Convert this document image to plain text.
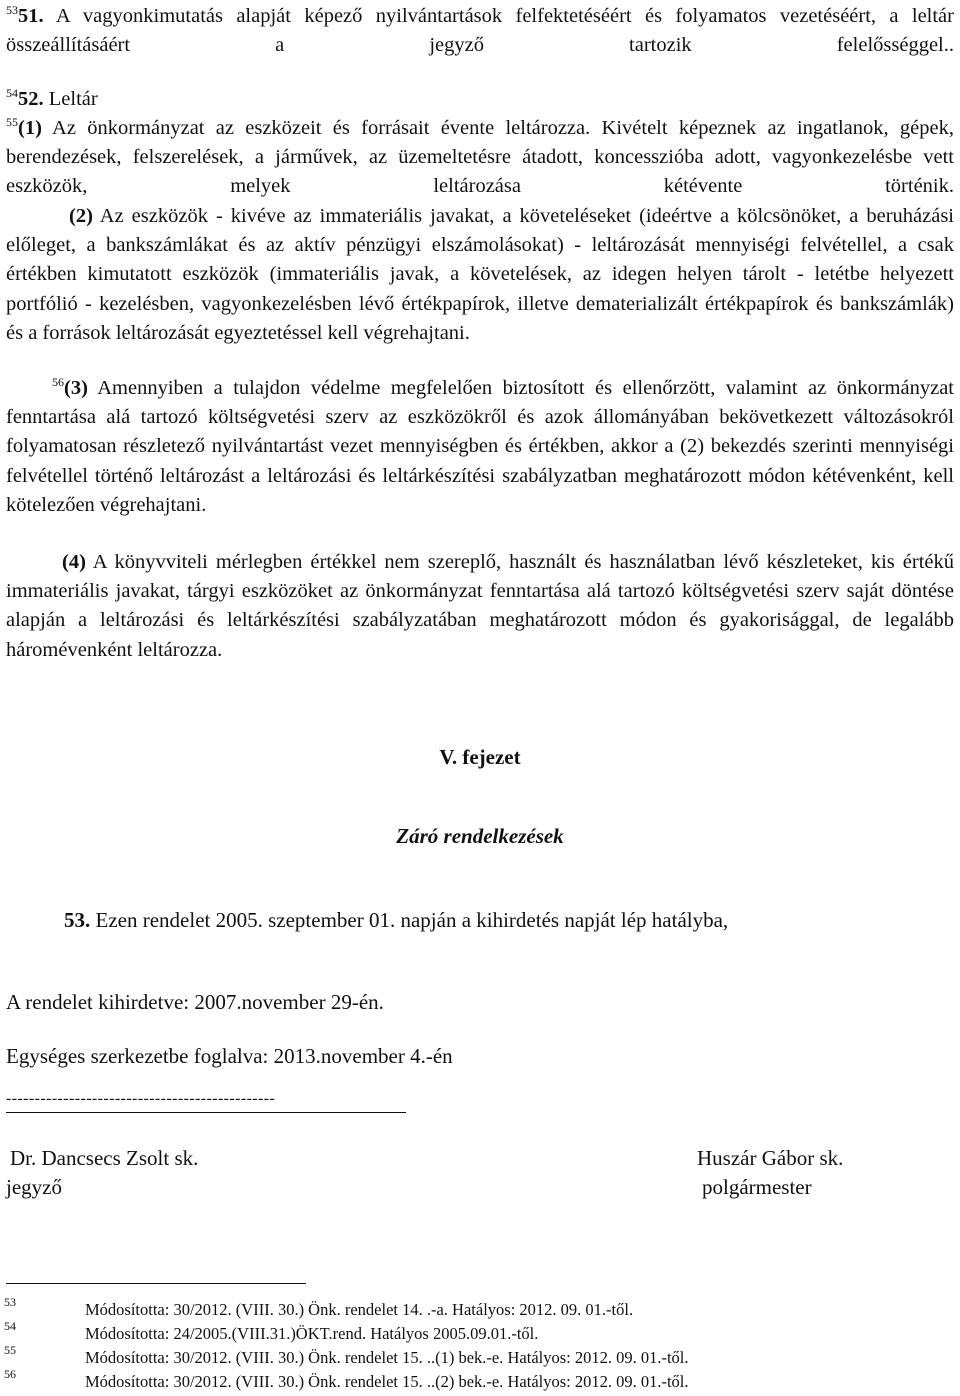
$^{53}$51. A vagyonkimutatás alapját képező nyilvántartások felfektetéséért és folyamatos vezetéséért, a leltár összeállításáért a jegyző tartozik felelősséggel..
$^{54}$52. Leltár
$^{55}$(1) Az önkormányzat az eszközeit és forrásait évente leltározza. Kivételt képeznek az ingatlanok, gépek, berendezések, felszerelések, a járművek, az üzemeltetésre átadott, koncesszióba adott, vagyonkezelésbe vett eszközök, melyek leltározása kétévente történik.
(2) Az eszközök - kivéve az immateriális javakat, a követeléseket (ideértve a kölcsönöket, a beruházási előleget, a bankszámlákat és az aktív pénzügyi elszámolásokat) - leltározását mennyiségi felvétellel, a csak értékben kimutatott eszközök (immateriális javak, a követelések, az idegen helyen tárolt - letétbe helyezett portfólió - kezelésben, vagyonkezelésben lévő értékpapírok, illetve dematerializált értékpapírok és bankszámlák) és a források leltározását egyeztetéssel kell végrehajtani.
$^{56}$(3) Amennyiben a tulajdon védelme megfelelően biztosított és ellenőrzött, valamint az önkormányzat fenntartása alá tartozó költségvetési szerv az eszközökről és azok állományában bekövetkezett változásokról folyamatosan részletező nyilvántartást vezet mennyiségben és értékben, akkor a (2) bekezdés szerinti mennyiségi felvétellel történő leltározást a leltározási és leltárkészítési szabályzatban meghatározott módon kétévenként, kell kötelezően végrehajtani.
(4) A könyvviteli mérlegben értékkel nem szereplő, használt és használatban lévő készleteket, kis értékű immateriális javakat, tárgyi eszközöket az önkormányzat fenntartása alá tartozó költségvetési szerv saját döntése alapján a leltározási és leltárkészítési szabályzatában meghatározott módon és gyakorisággal, de legalább háromévenként leltározza.
V. fejezet
Záró rendelkezések
53. Ezen rendelet 2005. szeptember 01. napján a kihirdetés napját lép hatályba,
A rendelet kihirdetve: 2007.november 29-én.
Egységes szerkezetbe foglalva: 2013.november 4.-én
-----------------------------------------------
Dr. Dancsecs Zsolt sk.
jegyző
Huszár Gábor sk.
polgármester
53	Módosította: 30/2012. (VIII. 30.) Önk. rendelet 14. .-a. Hatályos: 2012. 09. 01.-től.
54	Módosította: 24/2005.(VIII.31.)ÖKT.rend. Hatályos 2005.09.01.-től.
55	Módosította: 30/2012. (VIII. 30.) Önk. rendelet 15. ..(1) bek.-e. Hatályos: 2012. 09. 01.-től.
56	Módosította: 30/2012. (VIII. 30.) Önk. rendelet 15. ..(2) bek.-e. Hatályos: 2012. 09. 01.-től.
